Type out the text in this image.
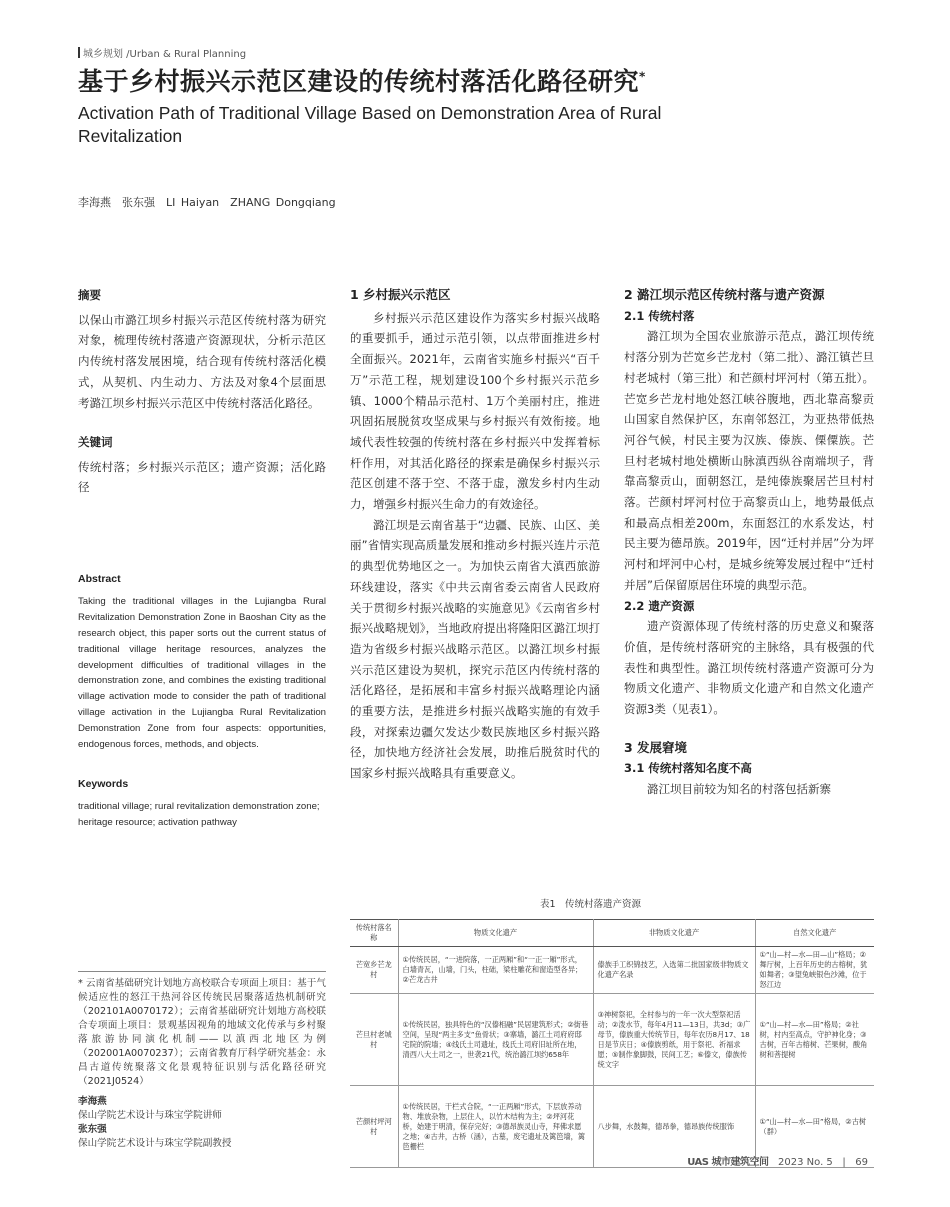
城乡规划 /Urban & Rural Planning
基于乡村振兴示范区建设的传统村落活化路径研究*
Activation Path of Traditional Village Based on Demonstration Area of Rural Revitalization
李海燕　张东强　LI Haiyan　ZHANG Dongqiang
摘要

以保山市潞江坝乡村振兴示范区传统村落为研究对象，梳理传统村落遗产资源现状，分析示范区内传统村落发展困境，结合现有传统村落活化模式，从契机、内生动力、方法及对象4个层面思考潞江坝乡村振兴示范区中传统村落活化路径。

关键词

传统村落；乡村振兴示范区；遗产资源；活化路径

Abstract

Taking the traditional villages in the Lujiangba Rural Revitalization Demonstration Zone in Baoshan City as the research object, this paper sorts out the current status of traditional village heritage resources, analyzes the development difficulties of traditional villages in the demonstration zone, and combines the existing traditional village activation mode to consider the path of traditional village activation in the Lujiangba Rural Revitalization Demonstration Zone from four aspects: opportunities, endogenous forces, methods, and objects.

Keywords

traditional village; rural revitalization demonstration zone; heritage resource; activation pathway

* 云南省基础研究计划地方高校联合专项面上项目：基于气候适应性的怒江干热河谷区传统民居聚落适热机制研究（202101A0070172）；云南省基础研究计划地方高校联合专项面上项目：景观基因视角的地域文化传承与乡村聚落旅游协同演化机制——以滇西北地区为例（202001A0070237）；云南省教育厅科学研究基金：永昌古道传统聚落文化景观特征识别与活化路径研究（2021J0524）

李海燕
保山学院艺术设计与珠宝学院讲师
张东强
保山学院艺术设计与珠宝学院副教授
1 乡村振兴示范区

乡村振兴示范区建设作为落实乡村振兴战略的重要抓手，通过示范引领，以点带面推进乡村全面振兴。2021年，云南省实施乡村振兴“百千万”示范工程，规划建设100个乡村振兴示范乡镇、1000个精品示范村、1万个美丽村庄，推进巩固拓展脱贫攻坚成果与乡村振兴有效衔接。地域代表性较强的传统村落在乡村振兴中发挥着标杆作用，对其活化路径的探索是确保乡村振兴示范区创建不落于空、不落于虚，激发乡村内生动力，增强乡村振兴生命力的有效途径。

潞江坝是云南省基于“边疆、民族、山区、美丽”省情实现高质量发展和推动乡村振兴连片示范的典型优势地区之一。为加快云南省大滇西旅游环线建设，落实《中共云南省委云南省人民政府关于贯彻乡村振兴战略的实施意见》《云南省乡村振兴战略规划》，当地政府提出将隆阳区潞江坝打造为省级乡村振兴战略示范区。以潞江坝乡村振兴示范区建设为契机，探究示范区内传统村落的活化路径，是拓展和丰富乡村振兴战略理论内涵的重要方法，是推进乡村振兴战略实施的有效手段，对探索边疆欠发达少数民族地区乡村振兴路径，加快地方经济社会发展，助推后脱贫时代的国家乡村振兴战略具有重要意义。

2 潞江坝示范区传统村落与遗产资源
2.1 传统村落

潞江坝为全国农业旅游示范点，潞江坝传统村落分别为芒宽乡芒龙村（第二批）、潞江镇芒旦村老城村（第三批）和芒颜村坪河村（第五批）。芒宽乡芒龙村地处怒江峡谷腹地，西北靠高黎贡山国家自然保护区，东南邻怒江，为亚热带低热河谷气候，村民主要为汉族、傣族、傈僳族。芒旦村老城村地处横断山脉滇西纵谷南端坝子，背靠高黎贡山，面朝怒江，是纯傣族聚居芒旦村村落。芒颜村坪河村位于高黎贡山上，地势最低点和最高点相差200m，东面怒江的水系发达，村民主要为德昂族。2019年，因“迁村并居”分为坪河村和坪河中心村，是城乡统筹发展过程中“迁村并居”后保留原居住环境的典型示范。

2.2 遗产资源

遗产资源体现了传统村落的历史意义和聚落价值，是传统村落研究的主脉络，具有极强的代表性和典型性。潞江坝传统村落遗产资源可分为物质文化遗产、非物质文化遗产和自然文化遗产资源3类（见表1）。

3 发展窘境
3.1 传统村落知名度不高

潞江坝目前较为知名的村落包括新寨

表1　传统村落遗产资源
传统村落名称	物质文化遗产	非物质文化遗产	自然文化遗产
芒宽乡芒龙村	①传统民居，“一进院落，一正两厢”和“一正一厢”形式，白墙青瓦，山墙，门头，柱础，梁柱雕花和窗造型各异；②芒龙古井	傣族手工织锦技艺，入选第二批国家级非物质文化遗产名录	①“山—村—水—田—山”格局；②舞厅树，上百年历史的古榕树，犹如舞者；③望兔峡银色沙滩，位于怒江边
芒旦村老城村	①传统民居，独具特色的“汉傣相融”民居建筑形式；②街巷空间，呈现“两主多支”鱼骨状；③寨墙，潞江土司府府邸宅院的院墙；④线氏土司遗址，线氏土司府旧址所在地，清西八大土司之一，世袭21代，统治潞江坝约658年	③神树祭祀，全村参与的一年一次大型祭祀活动；②泼水节，每年4月11—13日，共3d；③广母节，傣族重大传统节日，每年农历8月17、18日是节庆日；④傣族剪纸，用于祭祀、祈福求愿；⑤制作象脚鼓，民间工艺；⑥傣文，傣族传统文字	①“山—村—水—田”格局；②社树，村内至高点，守护神化身；③古树，百年古榕树、芒果树，酸角树和菩提树
芒颜村坪河村	①传统民居，干栏式合院，“一正两厢”形式，下层放养动物、堆放杂物，上层住人，以竹木结构为主；②坪河花桥，始建于明清，保存完好；③德昂族灵山寺，拜佛求愿之地；④古井，古桥（涵），古墓，废宅遗址及篱笆墙，篱笆栅栏	八步舞，水鼓舞，德昂拳，德昂族传统服饰	①“山—村—水—田”格局，②古树（群）
UAS 城市建筑空间 2023 No. 5 | 69
